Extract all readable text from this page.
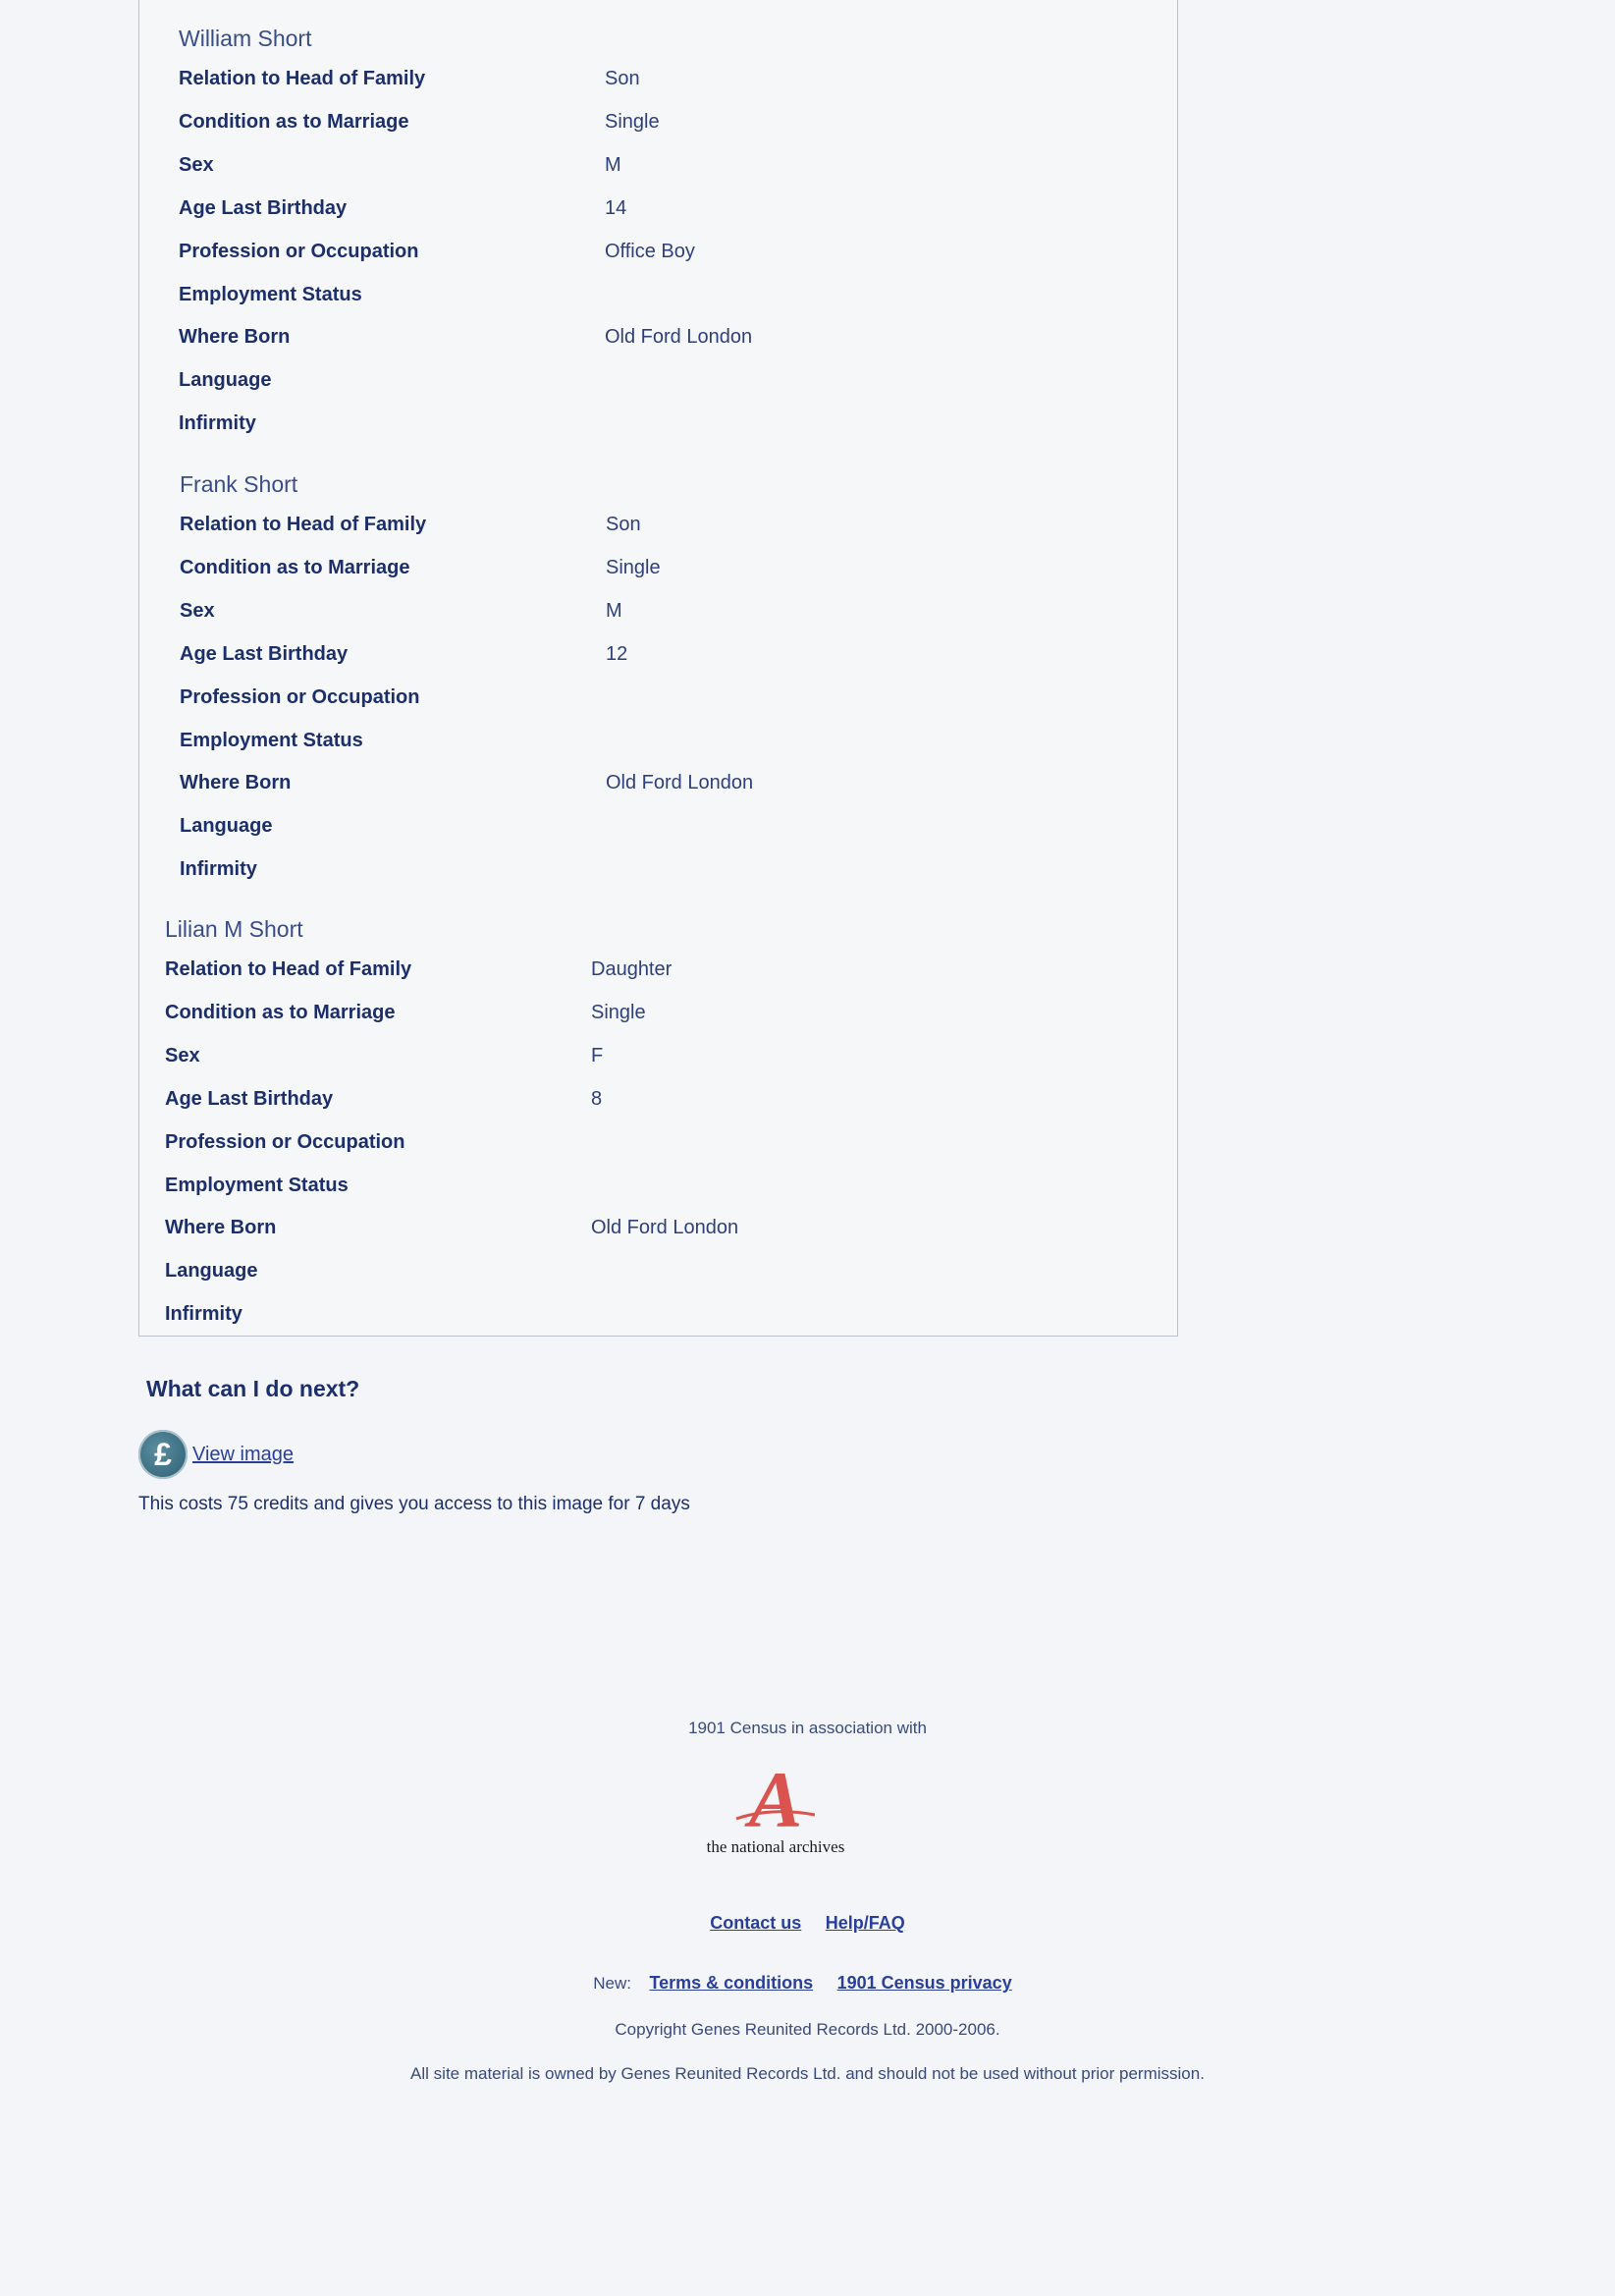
William Short
Relation to Head of Family	Son
Condition as to Marriage	Single
Sex	M
Age Last Birthday	14
Profession or Occupation	Office Boy
Employment Status
Where Born	Old Ford London
Language
Infirmity
Frank Short
Relation to Head of Family	Son
Condition as to Marriage	Single
Sex	M
Age Last Birthday	12
Profession or Occupation
Employment Status
Where Born	Old Ford London
Language
Infirmity
Lilian M Short
Relation to Head of Family	Daughter
Condition as to Marriage	Single
Sex	F
Age Last Birthday	8
Profession or Occupation
Employment Status
Where Born	Old Ford London
Language
Infirmity
What can I do next?
£	View image
This costs 75 credits and gives you access to this image for 7 days
1901 Census in association with
A
the national archives
Contact us Help/FAQ
New: Terms & conditions 1901 Census privacy
Copyright Genes Reunited Records Ltd. 2000-2006.
All site material is owned by Genes Reunited Records Ltd. and should not be used without prior permission.
